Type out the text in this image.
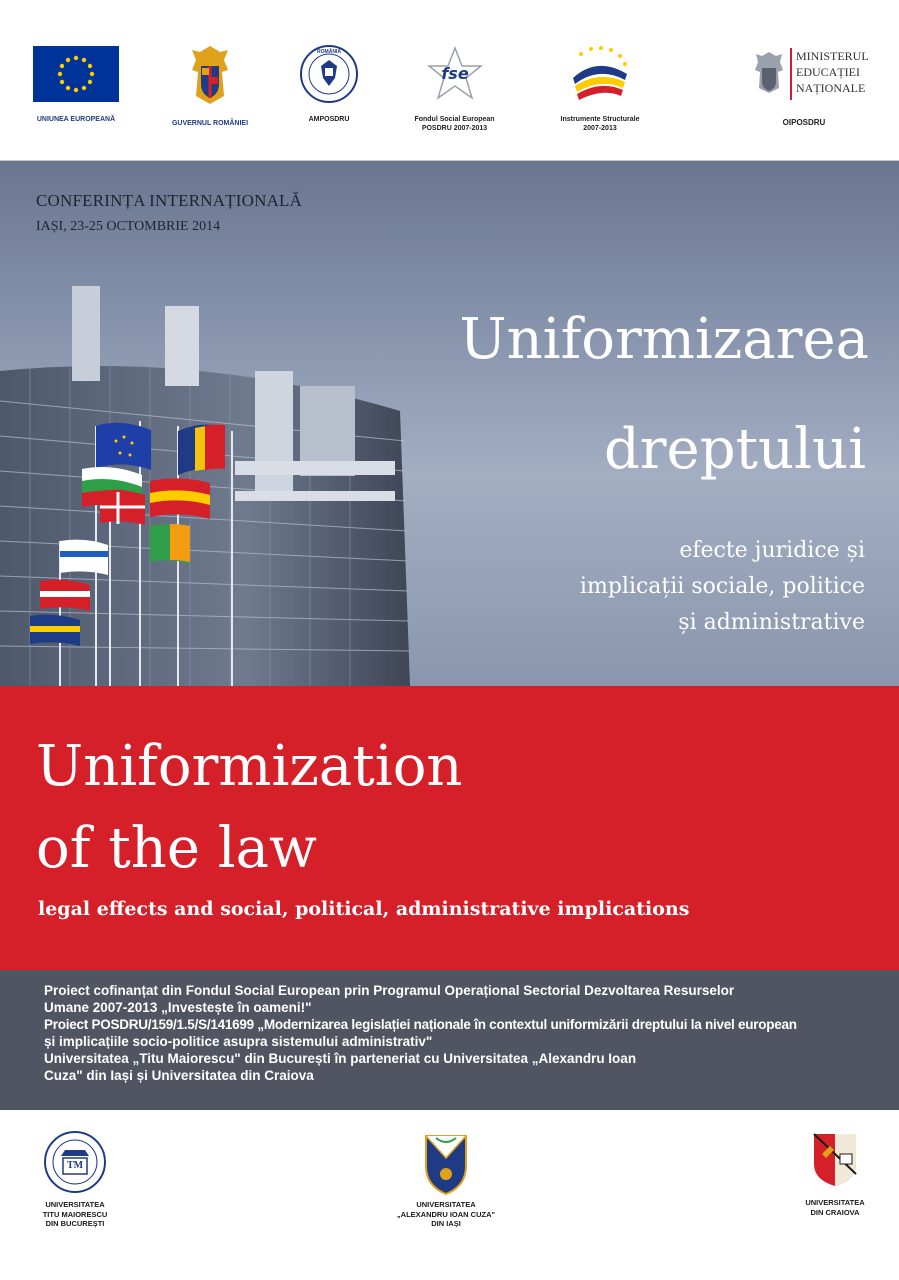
UNIUNEA EUROPEANĂ
GUVERNUL ROMÂNIEI
ROMÂNIA
AMPOSDRU
fse
Fondul Social European
POSDRU 2007-2013
Instrumente Structurale
2007-2013
MINISTERUL
EDUCAȚIEI
NAȚIONALE
OIPOSDRU
CONFERINȚA INTERNAȚIONALĂ
IAȘI, 23-25 OCTOMBRIE 2014
Uniformizarea
dreptului
efecte juridice și
implicații sociale, politice
și administrative
Uniformization
of the law
legal effects and social, political, administrative implications
Proiect cofinanțat din Fondul Social European prin Programul Operațional Sectorial Dezvoltarea Resurselor
Umane 2007-2013 „Investește în oameni!"
Proiect POSDRU/159/1.5/S/141699 „Modernizarea legislației naționale în contextul uniformizării dreptului la nivel european
și implicațiile socio-politice asupra sistemului administrativ"
Universitatea „Titu Maiorescu" din București în parteneriat cu Universitatea „Alexandru Ioan
Cuza" din Iași și Universitatea din Craiova
TM
UNIVERSITATEA
TITU MAIORESCU
DIN BUCUREȘTI
UNIVERSITATEA
„ALEXANDRU IOAN CUZA"
DIN IAȘI
UNIVERSITATEA
DIN CRAIOVA
